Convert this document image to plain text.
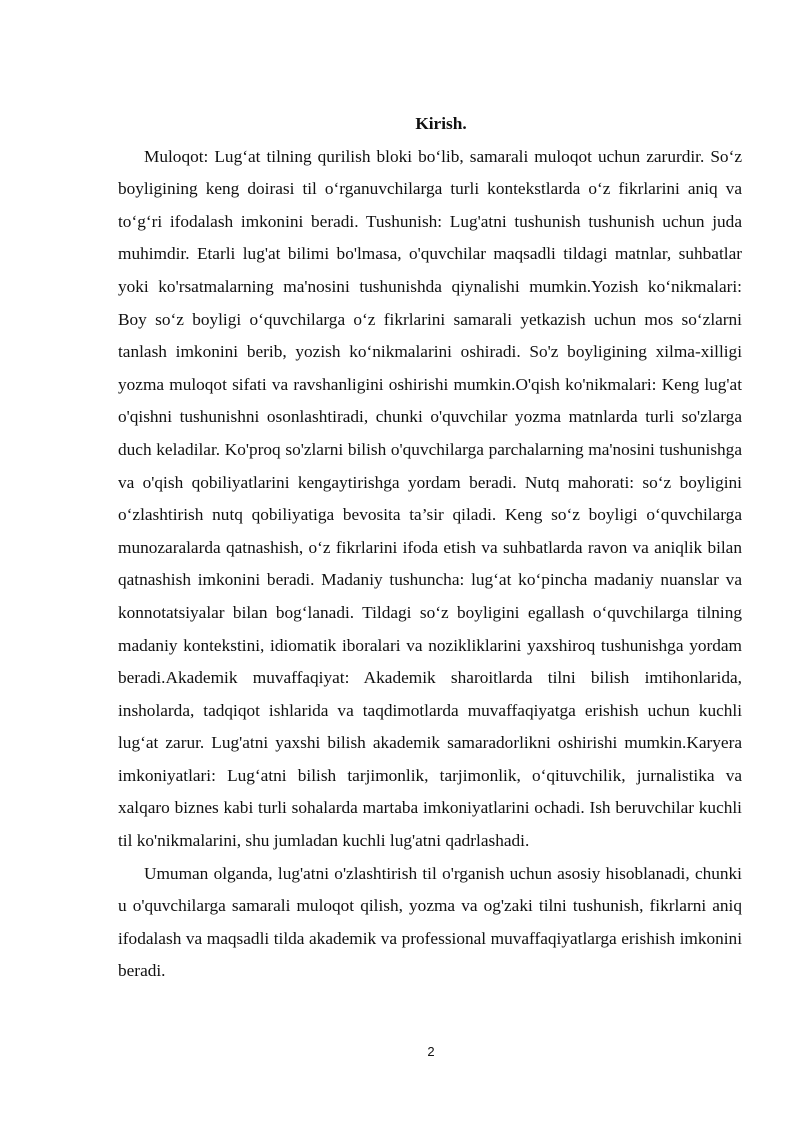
Kirish.

Muloqot: Lug‘at tilning qurilish bloki bo‘lib, samarali muloqot uchun zarurdir. So‘z boyligining keng doirasi til o‘rganuvchilarga turli kontekstlarda o‘z fikrlarini aniq va to‘g‘ri ifodalash imkonini beradi. Tushunish: Lug'atni tushunish tushunish uchun juda muhimdir. Etarli lug'at bilimi bo'lmasa, o'quvchilar maqsadli tildagi matnlar, suhbatlar yoki ko'rsatmalarning ma'nosini tushunishda qiynalishi mumkin.Yozish ko‘nikmalari: Boy so‘z boyligi o‘quvchilarga o‘z fikrlarini samarali yetkazish uchun mos so‘zlarni tanlash imkonini berib, yozish ko‘nikmalarini oshiradi. So'z boyligining xilma-xilligi yozma muloqot sifati va ravshanligini oshirishi mumkin.O'qish ko'nikmalari: Keng lug'at o'qishni tushunishni osonlashtiradi, chunki o'quvchilar yozma matnlarda turli so'zlarga duch keladilar. Ko'proq so'zlarni bilish o'quvchilarga parchalarning ma'nosini tushunishga va o'qish qobiliyatlarini kengaytirishga yordam beradi. Nutq mahorati: so‘z boyligini o‘zlashtirish nutq qobiliyatiga bevosita ta’sir qiladi. Keng so‘z boyligi o‘quvchilarga munozaralarda qatnashish, o‘z fikrlarini ifoda etish va suhbatlarda ravon va aniqlik bilan qatnashish imkonini beradi. Madaniy tushuncha: lug‘at ko‘pincha madaniy nuanslar va konnotatsiyalar bilan bog‘lanadi. Tildagi so‘z boyligini egallash o‘quvchilarga tilning madaniy kontekstini, idiomatik iboralari va nozikliklarini yaxshiroq tushunishga yordam beradi.Akademik muvaffaqiyat: Akademik sharoitlarda tilni bilish imtihonlarida, insholarda, tadqiqot ishlarida va taqdimotlarda muvaffaqiyatga erishish uchun kuchli lug‘at zarur. Lug'atni yaxshi bilish akademik samaradorlikni oshirishi mumkin.Karyera imkoniyatlari: Lug‘atni bilish tarjimonlik, tarjimonlik, o‘qituvchilik, jurnalistika va xalqaro biznes kabi turli sohalarda martaba imkoniyatlarini ochadi. Ish beruvchilar kuchli til ko'nikmalarini, shu jumladan kuchli lug'atni qadrlashadi.

Umuman olganda, lug'atni o'zlashtirish til o'rganish uchun asosiy hisoblanadi, chunki u o'quvchilarga samarali muloqot qilish, yozma va og'zaki tilni tushunish, fikrlarni aniq ifodalash va maqsadli tilda akademik va professional muvaffaqiyatlarga erishish imkonini beradi.

2
